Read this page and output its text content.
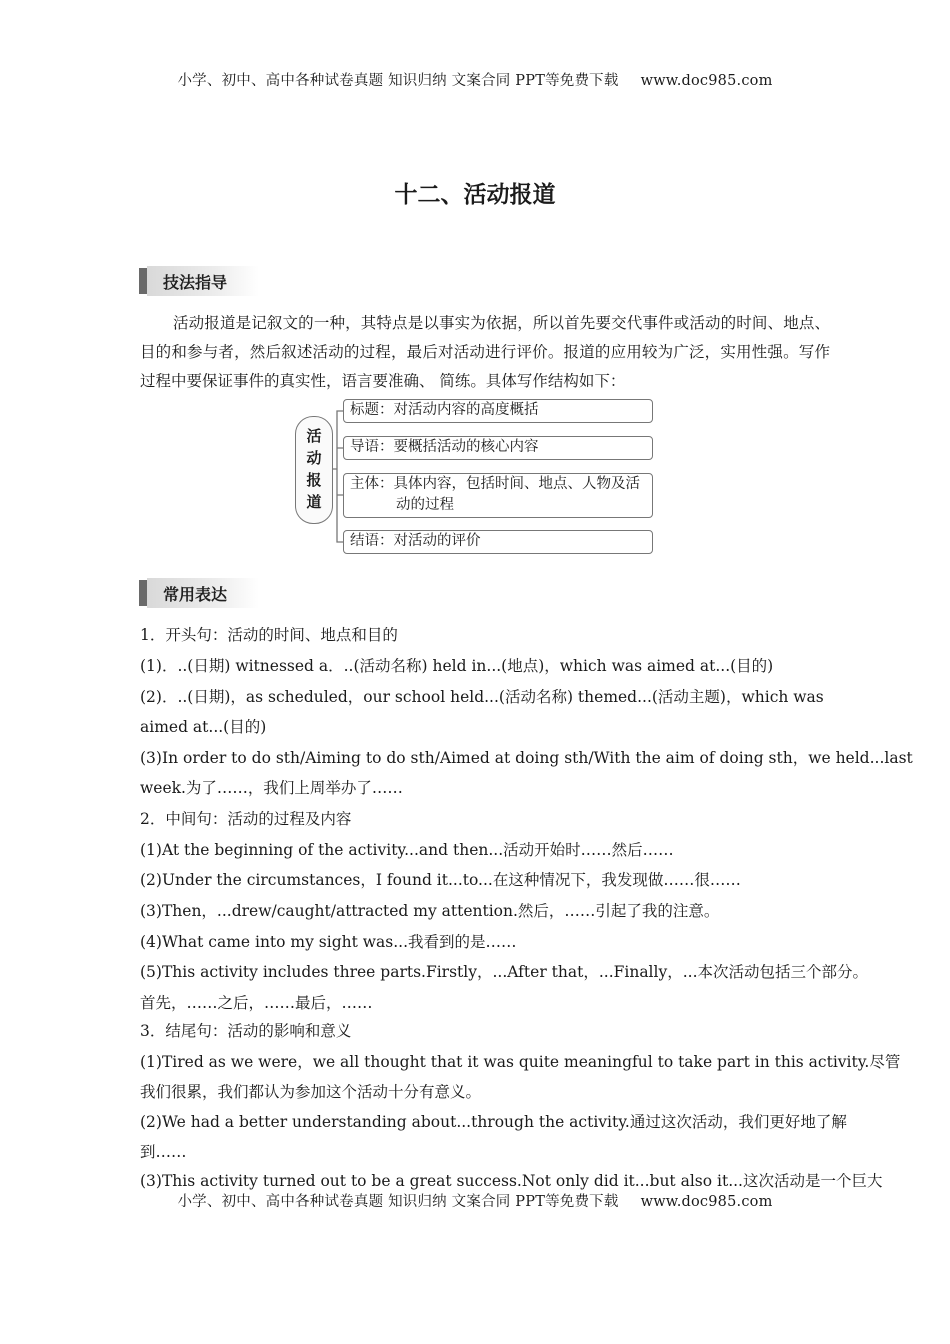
小学、初中、高中各种试卷真题 知识归纳 文案合同 PPT等免费下载 www.doc985.com
十二、活动报道
技法指导
活动报道是记叙文的一种，其特点是以事实为依据，所以首先要交代事件或活动的时间、地点、目的和参与者，然后叙述活动的过程，最后对活动进行评价。报道的应用较为广泛，实用性强。写作过程中要保证事件的真实性，语言要准确、 简练。具体写作结构如下：
活
动
报
道
标题：对活动内容的高度概括
导语：要概括活动的核心内容
主体：具体内容，包括时间、地点、人物及活
动的过程
结语：对活动的评价
常用表达
1．开头句：活动的时间、地点和目的
(1)．..(日期) witnessed a．..(活动名称) held in...(地点)，which was aimed at...(目的)
(2)．..(日期)，as scheduled，our school held...(活动名称) themed...(活动主题)，which was
aimed at...(目的)
(3)In order to do sth/Aiming to do sth/Aimed at doing sth/With the aim of doing sth，we held...last
week.为了……，我们上周举办了……
2．中间句：活动的过程及内容
(1)At the beginning of the activity...and then...活动开始时……然后……
(2)Under the circumstances，I found it...to...在这种情况下，我发现做……很……
(3)Then，...drew/caught/attracted my attention.然后，……引起了我的注意。
(4)What came into my sight was...我看到的是……
(5)This activity includes three parts.Firstly，...After that，...Finally，...本次活动包括三个部分。
首先，……之后，……最后，……
3．结尾句：活动的影响和意义
(1)Tired as we were，we all thought that it was quite meaningful to take part in this activity.尽管
我们很累，我们都认为参加这个活动十分有意义。
(2)We had a better understanding about...through the activity.通过这次活动，我们更好地了解
到……
(3)This activity turned out to be a great success.Not only did it...but also it...这次活动是一个巨大
小学、初中、高中各种试卷真题 知识归纳 文案合同 PPT等免费下载 www.doc985.com
